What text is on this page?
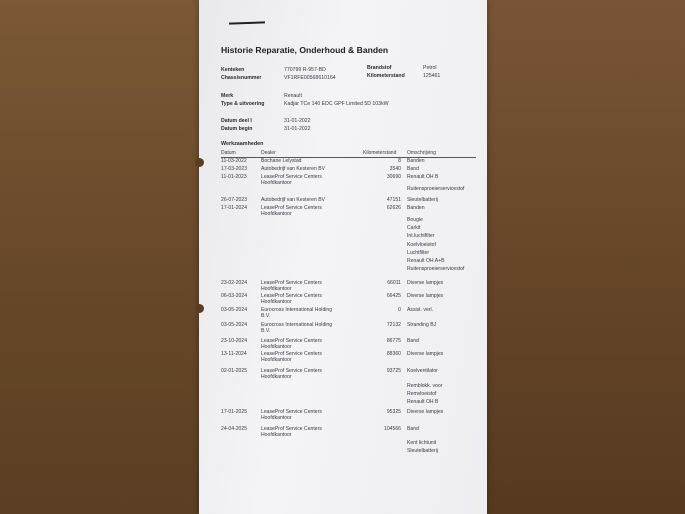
Historie Reparatie, Onderhoud & Banden
Kenteken	770799 R-957-BD
Chassisnummer	VF1RFE00568610164
Brandstof	Petrol
Kilometerstand	125461
Merk	Renault
Type & uitvoering	Kadjar TCe 140 EDC GPF Limited 5D 103kW
Datum deel I	31-01-2022
Datum begin	31-01-2022
Werkzaamheden
Datum	Dealer	Kilometerstand Omschrijving
11-03-2022	Bochane Lelystad	8 Banden
17-03-2023	Autobedrijf van Kesteren BV	3540 Band
11-01-2023	LeaseProf Service Centers
Hoofdkantoor
30690 Renault OH B
Ruitensproeierservicestof
26-07-2023	Autobedrijf van Kesteren BV	47151 Sleutelbatterij
17-01-2024	LeaseProf Service Centers
Hoofdkantoor
62626 Banden
Bougie
Carkit
Int.luchtfilter
Koelvloeistof
Luchtfilter
Renault OH A+B
Ruitensproeierservicestof
23-02-2024	LeaseProf Service Centers
Hoofdkantoor
66011 Diverse lampjes
06-03-2024	LeaseProf Service Centers
Hoofdkantoor
66425 Diverse lampjes
03-05-2024	Eurocross International Holding
B.V.
0 Assist. verl.
03-05-2024	Eurocross International Holding
B.V.
72132 Stranding BJ
23-10-2024	LeaseProf Service Centers
Hoofdkantoor
86775 Band
13-11-2024	LeaseProf Service Centers
Hoofdkantoor
88360 Diverse lampjes
02-01-2025	LeaseProf Service Centers
Hoofdkantoor
93725 Koelventilator
Remblokk. voor
Remvloeistof
Renault OH B
17-01-2025	LeaseProf Service Centers
Hoofdkantoor
95325 Diverse lampjes
24-04-2025	LeaseProf Service Centers
Hoofdkantoor
104566 Band
Kent lichtunit
Sleutelbatterij
